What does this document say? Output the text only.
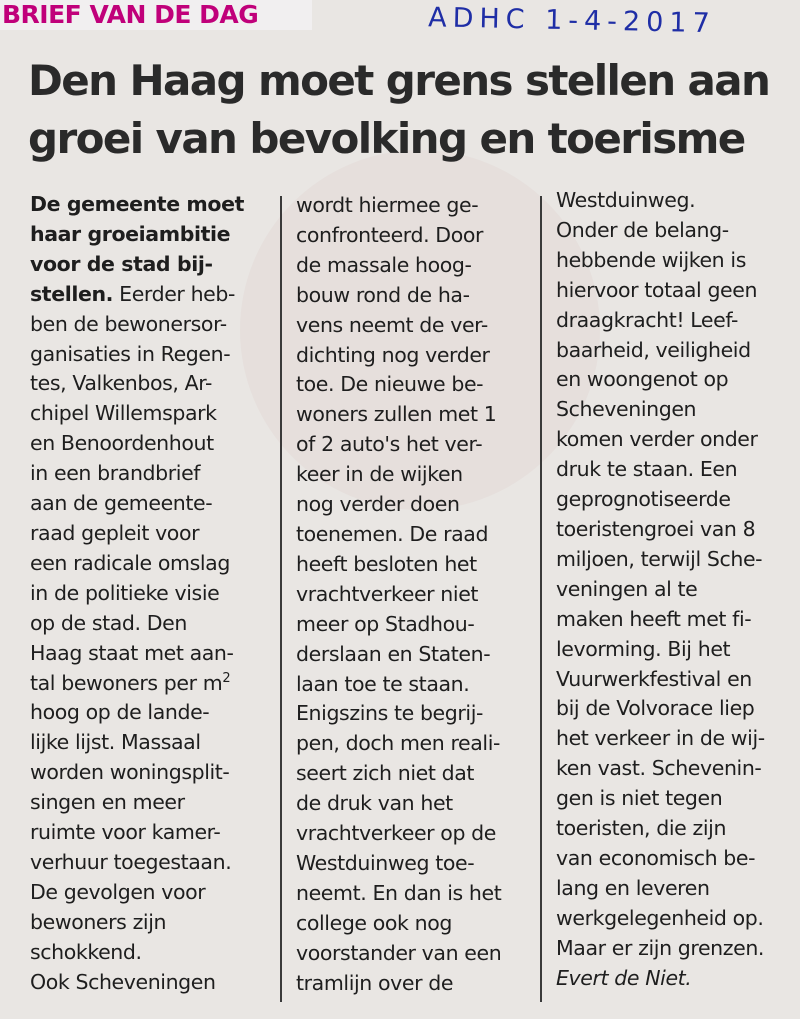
BRIEF VAN DE DAG	ADHC 1-4-2017
Den Haag moet grens stellen aan
groei van bevolking en toerisme
De gemeente moet
haar groeiambitie
voor de stad bij-
stellen. Eerder heb-
ben de bewonersor-
ganisaties in Regen-
tes, Valkenbos, Ar-
chipel Willemspark
en Benoordenhout
in een brandbrief
aan de gemeente-
raad gepleit voor
een radicale omslag
in de politieke visie
op de stad. Den
Haag staat met aan-
tal bewoners per $m^2$
hoog op de lande-
lijke lijst. Massaal
worden woningsplit-
singen en meer
ruimte voor kamer-
verhuur toegestaan.
De gevolgen voor
bewoners zijn
schokkend.
Ook Scheveningen
wordt hiermee ge-
confronteerd. Door
de massale hoog-
bouw rond de ha-
vens neemt de ver-
dichting nog verder
toe. De nieuwe be-
woners zullen met 1
of 2 auto's het ver-
keer in de wijken
nog verder doen
toenemen. De raad
heeft besloten het
vrachtverkeer niet
meer op Stadhou-
derslaan en Staten-
laan toe te staan.
Enigszins te begrij-
pen, doch men reali-
seert zich niet dat
de druk van het
vrachtverkeer op de
Westduinweg toe-
neemt. En dan is het
college ook nog
voorstander van een
tramlijn over de
Westduinweg.
Onder de belang-
hebbende wijken is
hiervoor totaal geen
draagkracht! Leef-
baarheid, veiligheid
en woongenot op
Scheveningen
komen verder onder
druk te staan. Een
geprognotiseerde
toeristengroei van 8
miljoen, terwijl Sche-
veningen al te
maken heeft met fi-
levorming. Bij het
Vuurwerkfestival en
bij de Volvorace liep
het verkeer in de wij-
ken vast. Schevenin-
gen is niet tegen
toeristen, die zijn
van economisch be-
lang en leveren
werkgelegenheid op.
Maar er zijn grenzen.
Evert de Niet.
